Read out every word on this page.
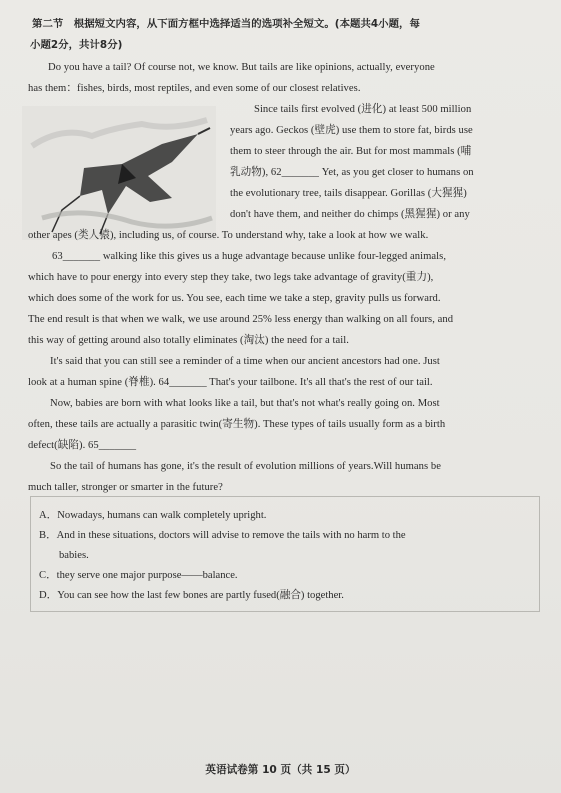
第二节　根据短文内容，从下面方框中选择适当的选项补全短文。(本题共4小题，每
小题2分，共计8分)
Do you have a tail? Of course not, we know. But tails are like opinions, actually, everyone
has them：fishes, birds, most reptiles, and even some of our closest relatives.
Since tails first evolved (进化) at least 500 million
years ago. Geckos (壁虎) use them to store fat, birds use
them to steer through the air. But for most mammals (哺
乳动物), 62_______ Yet, as you get closer to humans on
the evolutionary tree, tails disappear. Gorillas (大猩猩)
don't have them, and neither do chimps (黑猩猩) or any
other apes (类人猿), including us, of course. To understand why, take a look at how we walk.
63_______ walking like this gives us a huge advantage because unlike four-legged animals,
which have to pour energy into every step they take, two legs take advantage of gravity(重力),
which does some of the work for us. You see, each time we take a step, gravity pulls us forward.
The end result is that when we walk, we use around 25% less energy than walking on all fours, and
this way of getting around also totally eliminates (淘汰) the need for a tail.
It's said that you can still see a reminder of a time when our ancient ancestors had one. Just
look at a human spine (脊椎). 64_______ That's your tailbone. It's all that's the rest of our tail.
Now, babies are born with what looks like a tail, but that's not what's really going on. Most
often, these tails are actually a parasitic twin(寄生物). These types of tails usually form as a birth
defect(缺陷). 65_______
So the tail of humans has gone, it's the result of evolution millions of years.Will humans be
much taller, stronger or smarter in the future?
A．Nowadays, humans can walk completely upright.
B．And in these situations, doctors will advise to remove the tails with no harm to the
babies.
C．they serve one major purpose——balance.
D．You can see how the last few bones are partly fused(融合) together.
英语试卷第 10 页（共 15 页）
